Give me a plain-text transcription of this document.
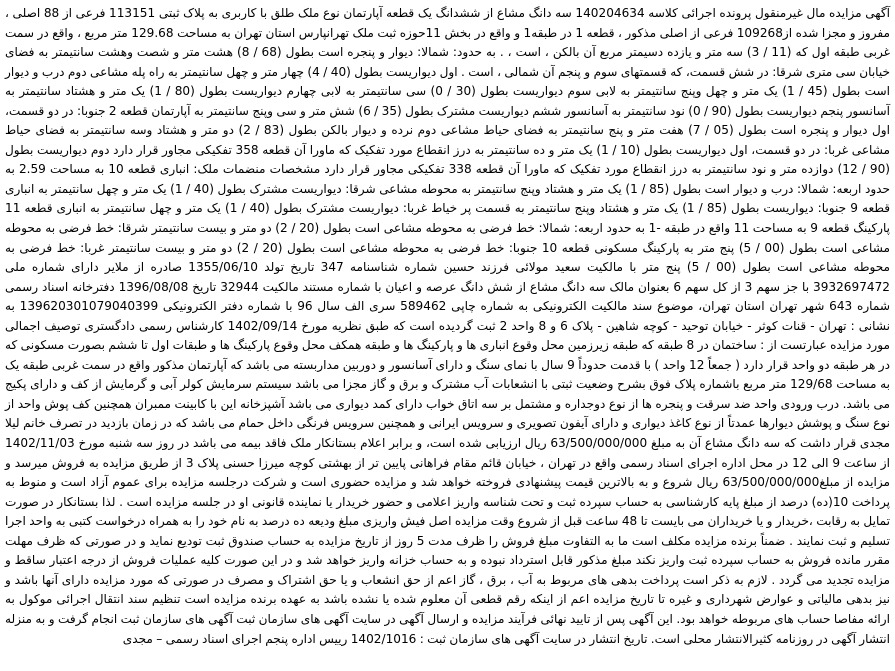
آگهی مزایده مال غیرمنقول پرونده اجرائی کلاسه 140204634 سه دانگ مشاع از ششدانگ یک قطعه آپارتمان نوع ملک طلق با کاربری به پلاک ثبتی 113151 فرعی از 88 اصلی ، مفروز و مجزا شده از109268 فرعی از اصلی مذکور ، قطعه 1 در طبقه1 و واقع در بخش 11حوزه ثبت ملک تهرانپارس استان تهران به مساحت 129.68 متر مربع ، واقع در سمت غربی طبقه اول که (11 / 3) سه متر و یازده دسیمتر مربع آن بالکن ، است ، . به حدود: شمالا: دیوار و پنجره است بطول (68 / 8) هشت متر و شصت وهشت سانتیمتر به فضای خیابان سی متری شرقا: در شش قسمت، که قسمتهای سوم و پنجم آن شمالی ، است . اول دیواریست بطول (40 / 4) چهار متر و چهل سانتیمتر به راه پله مشاعی دوم درب و دیوار است بطول (45 / 1) یک متر و چهل وپنج سانتیمتر به لابی سوم دیواریست بطول (30 / 0) سی سانتیمتر به لابی چهارم دیواریست بطول (80 / 1) یک متر و هشتاد سانتیمتر به آسانسور پنجم دیواریست بطول (90 / 0) نود سانتیمتر به آسانسور ششم دیواریست مشترک بطول (35 / 6) شش متر و سی وپنج سانتیمتر به آپارتمان قطعه 2 جنوبا: در دو قسمت، اول دیوار و پنجره است بطول (05 / 7) هفت متر و پنج سانتیمتر به فضای حیاط مشاعی دوم نرده و دیوار بالکن بطول (83 / 2) دو متر و هشتاد وسه سانتیمتر به فضای حیاط مشاعی غربا: در دو قسمت، اول دیواریست بطول (10 / 1) یک متر و ده سانتیمتر به درز انقطاع مورد تفکیک که ماورا آن قطعه 358 تفکیکی مجاور قرار دارد دوم دیواریست بطول (90 / 12) دوازده متر و نود سانتیمتر به درز انقطاع مورد تفکیک که ماورا آن قطعه 338 تفکیکی مجاور قرار دارد مشخصات منضمات ملک: انباری قطعه 10 به مساحت 2.59 به حدود اربعه: شمالا: درب و دیوار است بطول (85 / 1) یک متر و هشتاد وپنج سانتیمتر به محوطه مشاعی شرقا: دیواریست مشترک بطول (40 / 1) یک متر و چهل سانتیمتر به انباری قطعه 9 جنوبا: دیواریست بطول (85 / 1) یک متر و هشتاد وپنج سانتیمتر به قسمت پر خیاط غربا: دیواریست مشترک بطول (40 / 1) یک متر و چهل سانتیمتر به انباری قطعه 11 پارکینگ قطعه 9 به مساحت 11 واقع در طبقه -1 به حدود اربعه: شمالا: خط فرضی به محوطه مشاعی است بطول (20 / 2) دو متر و بیست سانتیمتر شرقا: خط فرضی به محوطه مشاعی است بطول (00 / 5) پنج متر به پارکینگ مسکونی قطعه 10 جنوبا: خط فرضی به محوطه مشاعی است بطول (20 / 2) دو متر و بیست سانتیمتر غربا: خط فرضی به محوطه مشاعی است بطول (00 / 5) پنج متر با مالکیت سعید مولائی فرزند حسین شماره شناسنامه 347 تاریخ تولد 1355/06/10 صادره از ملایر دارای شماره ملی 3932697472 با جز سهم 3 از کل سهم 6 بعنوان مالک سه دانگ مشاع از شش دانگ عرصه و اعیان با شماره مستند مالکیت 32944 تاریخ 1396/08/08 دفترخانه اسناد رسمی شماره 643 شهر تهران استان تهران، موضوع سند مالکیت الکترونیکی به شماره چاپی 589462 سری الف سال 96 با شماره دفتر الکترونیکی 139620301079040399 به نشانی : تهران - قنات کوثر - خیابان توحید - کوچه شاهین - پلاک 6 و 8 واحد 2 ثبت گردیده است که طبق نظریه مورخ 1402/09/14 کارشناس رسمی دادگستری توصیف اجمالی مورد مزایده عبارتست از : ساختمان در 8 طبقه که طبقه زیرزمین محل وقوع انباری ها و پارکینگ ها و طبقه همکف محل وقوع پارکینگ ها و طبقات اول تا ششم بصورت مسکونی که در هر طبقه دو واحد قرار دارد ( جمعاً 12 واحد ) با قدمت حدوداً 9 سال با نمای سنگ و دارای آسانسور و دوربین مداربسته می باشد که آپارتمان مذکور واقع در سمت غربی طبقه یک به مساحت 129/68 متر مربع باشماره پلاک فوق بشرح وضعیت ثبتی با انشعابات آب مشترک و برق و گاز مجزا می باشد سیستم سرمایش کولر آبی و گرمایش از کف و دارای پکیج می باشد. درب ورودی واحد ضد سرقت و پنجره ها از نوع دوجداره و مشتمل بر سه اتاق خواب دارای کمد دیواری می باشد آشپزخانه این با کابینت ممبران همچنین کف پوش واحد از نوع سنگ و پوشش دیوارها عمدتاً از نوع کاغذ دیواری و دارای آیفون تصویری و سرویس ایرانی و همچنین سرویس فرنگی داخل حمام می باشد که در زمان بازدید در تصرف خانم لیلا مجدی قرار داشت که سه دانگ مشاع آن به مبلغ 63/500/000/000 ریال ارزیابی شده است، و برابر اعلام بستانکار ملک فاقد بیمه می باشد در روز سه شنبه مورخ 1402/11/03 از ساعت 9 الی 12 در محل اداره اجرای اسناد رسمی واقع در تهران ، خیابان قائم مقام فراهانی پایین تر از بهشتی کوچه میرزا حسنی پلاک 3 از طریق مزایده به فروش میرسد و مزایده از مبلغ63/500/000/000 ریال شروع و به بالاترین قیمت پیشنهادی فروخته خواهد شد و مزایده حضوری است و شرکت درجلسه مزایده برای عموم آزاد است و منوط به پرداخت 10(ده) درصد از مبلغ پایه کارشناسی به حساب سپرده ثبت و تحت شناسه واریز اعلامی و حضور خریدار یا نماینده قانونی او در جلسه مزایده است . لذا بستانکار در صورت تمایل به رقابت ،خریدار و یا خریداران می بایست تا 48 ساعت قبل از شروع وقت مزایده اصل فیش واریزی مبلغ ودیعه ده درصد به نام خود را به همراه درخواست کتبی به واحد اجرا تسلیم و ثبت نمایند . ضمناً برنده مزایده مکلف است ما به التفاوت مبلغ فروش را ظرف مدت 5 روز از تاریخ مزایده به حساب صندوق ثبت تودیع نماید و در صورتی که ظرف مهلت مقرر مانده فروش به حساب سپرده ثبت واریز نکند مبلغ مذکور قابل استرداد نبوده و به حساب خزانه واریز خواهد شد و در این صورت کلیه عملیات فروش از درجه اعتبار ساقط و مزایده تجدید می گردد . لازم به ذکر است پرداخت بدهی های مربوط به آب ، برق ، گاز اعم از حق انشعاب و یا حق اشتراک و مصرف در صورتی که مورد مزایده دارای آنها باشد و نیز بدهی مالیاتی و عوارض شهرداری و غیره تا تاریخ مزایده اعم از اینکه رقم قطعی آن معلوم شده یا نشده باشد به عهده برنده مزایده است تنظیم سند انتقال اجرائی موکول به ارائه مفاصا حساب های مربوطه خواهد بود. این آگهی پس از تایید نهائی فرآیند مزایده و ارسال آگهی در سایت آگهی های سازمان ثبت آگهی های سازمان ثبت انجام گرفت و به منزله انتشار آگهی در روزنامه کثیرالانتشار محلی است. تاریخ انتشار در سایت آگهی های سازمان ثبت : 1402/1016 رییس اداره پنجم اجرای اسناد رسمی – مجدی
